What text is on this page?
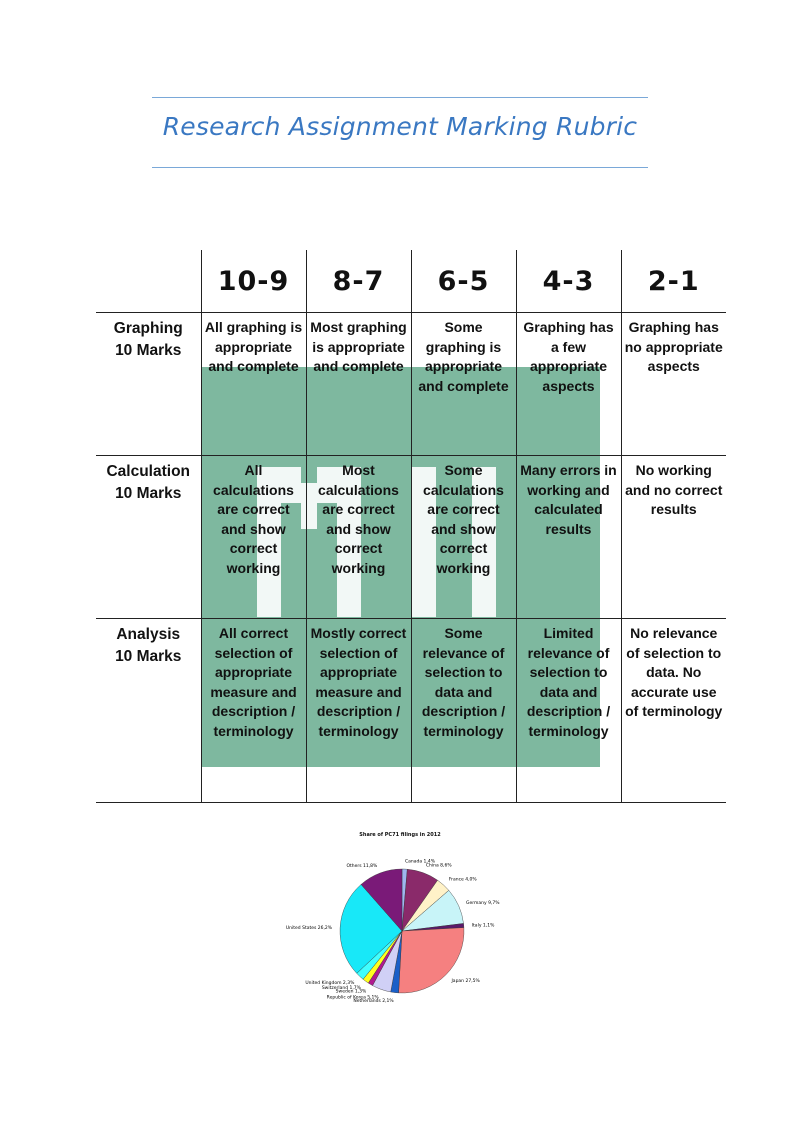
Research Assignment Marking Rubric
	10-9	8-7	6-5	4-3	2-1
Graphing
10 Marks	All graphing is appropriate and complete	Most graphing is appropriate and complete	Some graphing is appropriate and complete	Graphing has a few appropriate aspects	Graphing has no appropriate aspects
Calculation
10 Marks	All calculations are correct and show correct working	Most calculations are correct and show correct working	Some calculations are correct and show correct working	Many errors in working and calculated results	No working and no correct results
Analysis
10 Marks	All correct selection of appropriate measure and description / terminology	Mostly correct selection of appropriate measure and description / terminology	Some relevance of selection to data and description / terminology	Limited relevance of selection to data and description / terminology	No relevance of selection to data. No accurate use of terminology
Share of PC71 filings in 2012
Canada 1,4%
China 8,6%
France 4,0%
Germany 9,7%
Italy 1,1%
Japan 27,5%
Netherlands 2,1%
Republic of Korea 5,1%
Sweden 1,3%
Switzerland 1,7%
United Kingdom 2,3%
United States 26,2%
Others 11,8%
